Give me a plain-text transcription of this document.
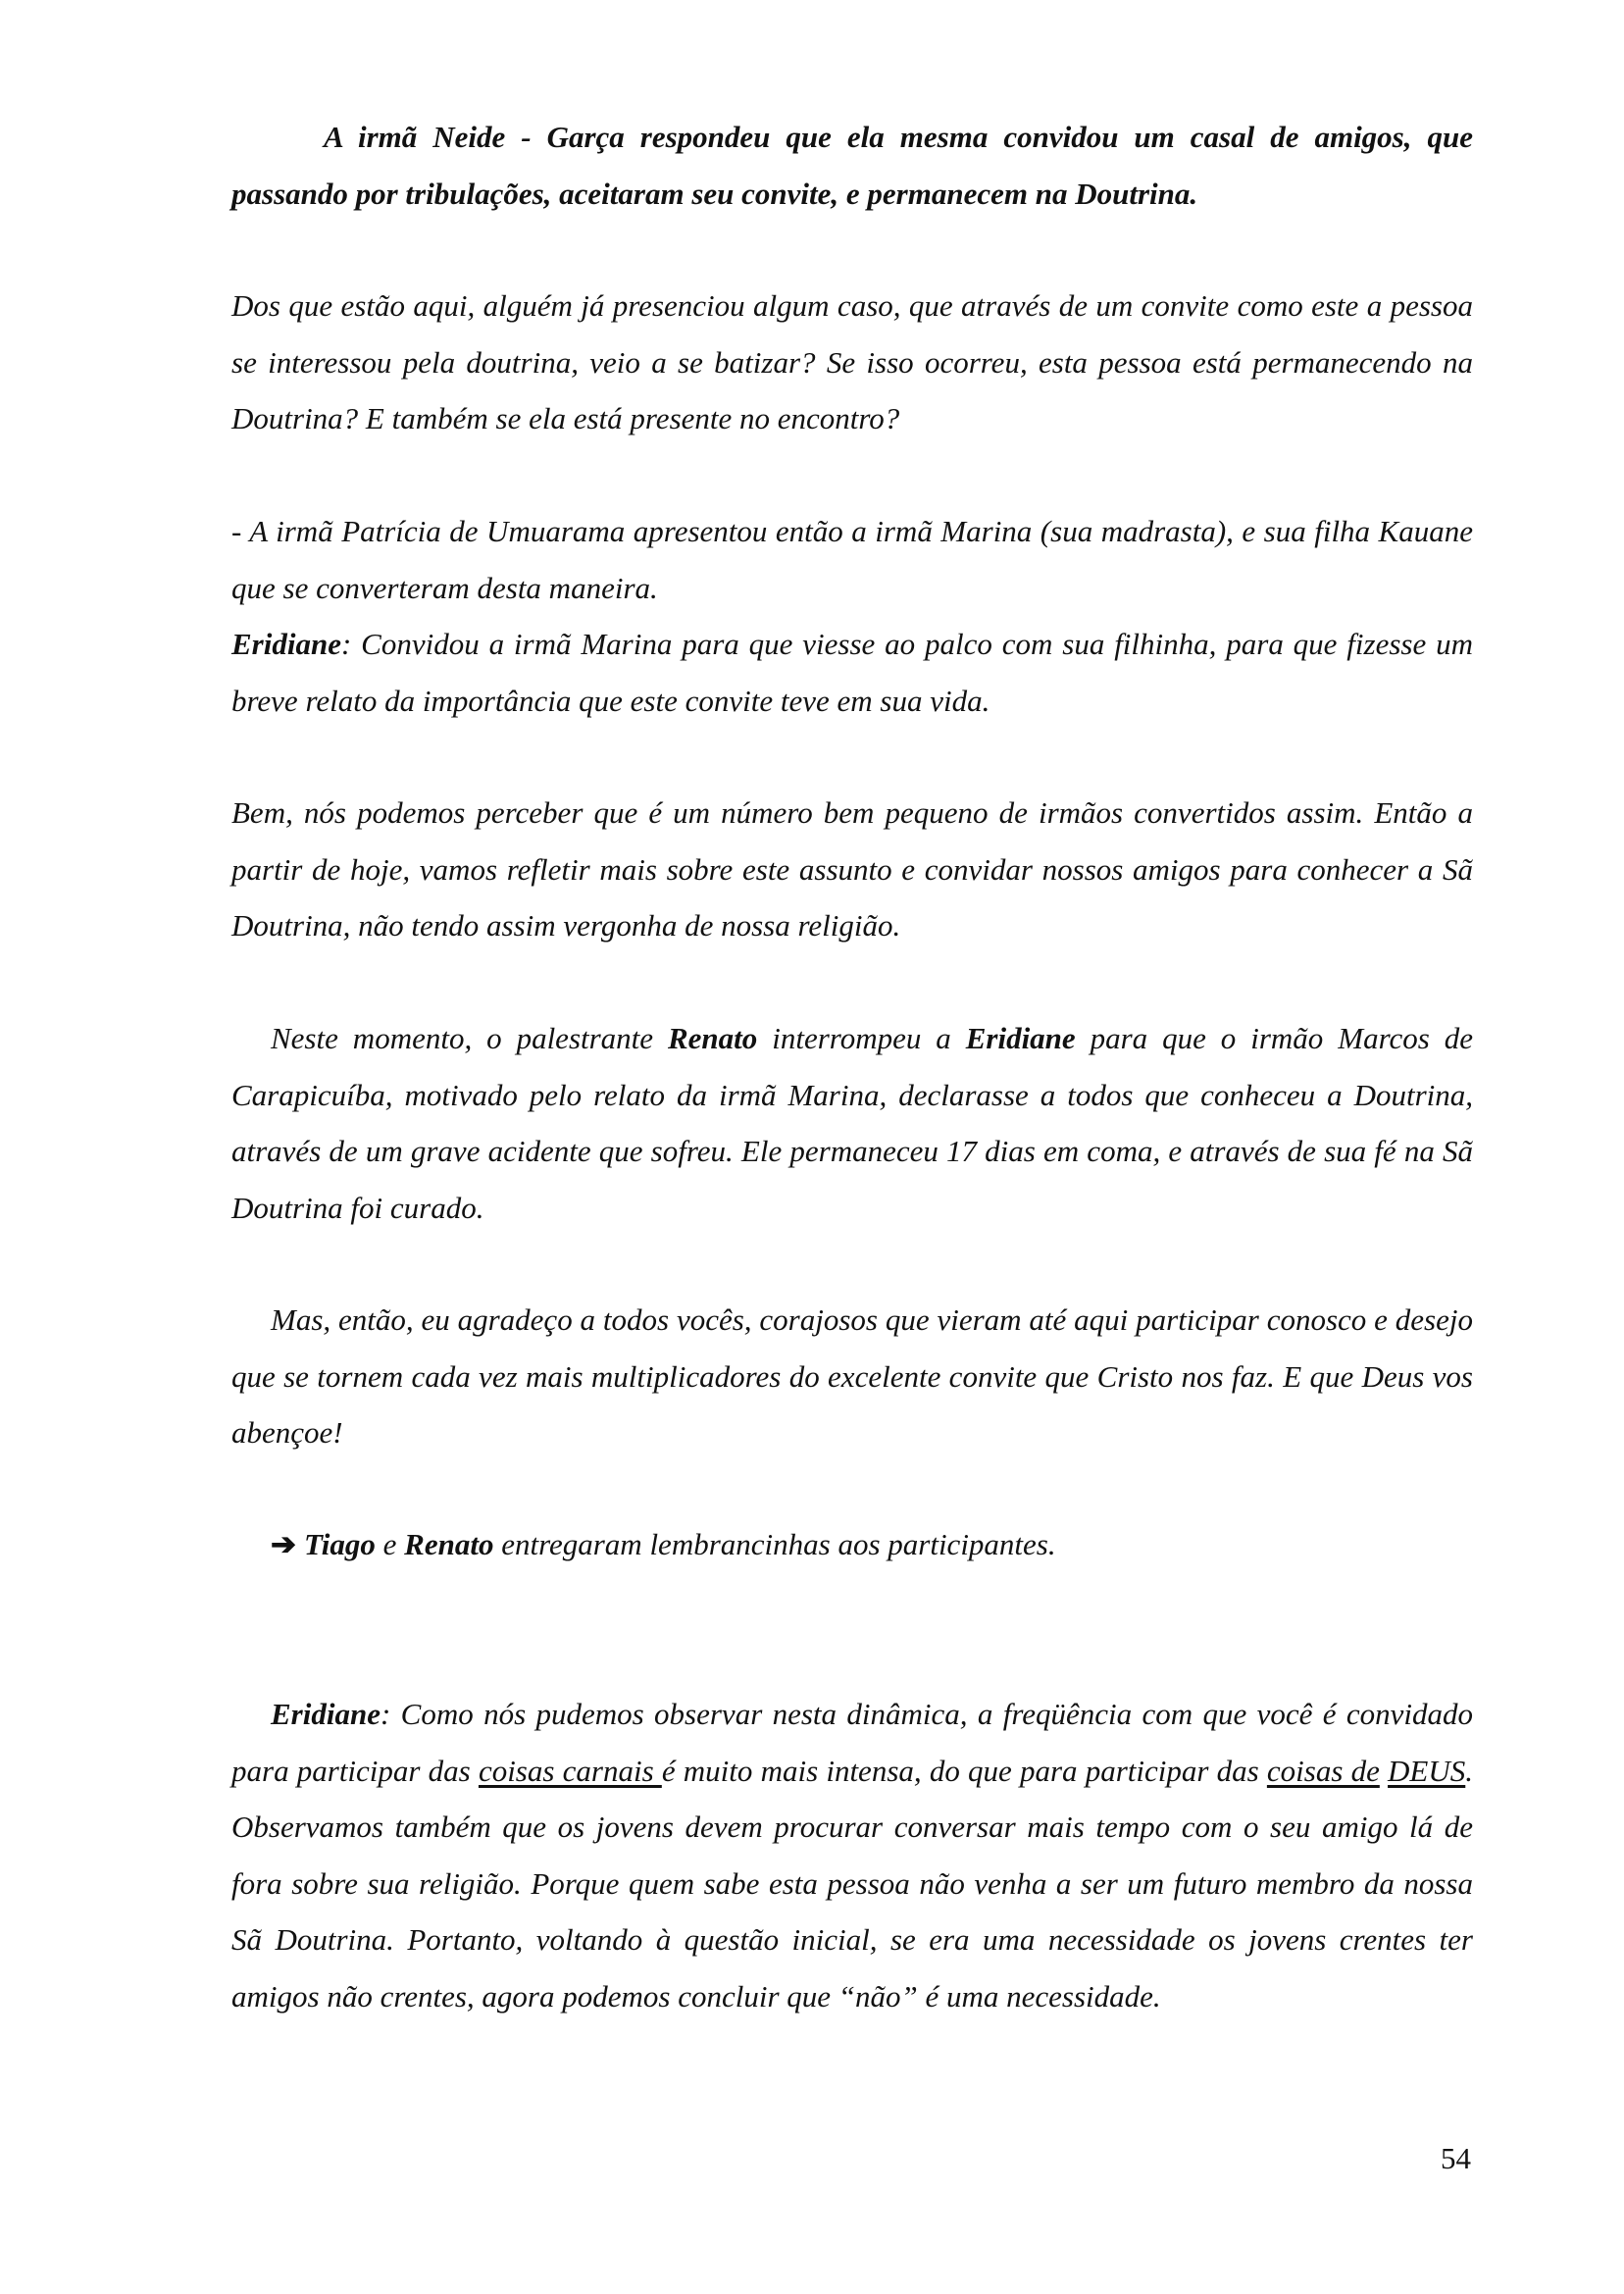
A irmã Neide - Garça respondeu que ela mesma convidou um casal de amigos, que passando por tribulações, aceitaram seu convite, e permanecem na Doutrina.

Dos que estão aqui, alguém já presenciou algum caso, que através de um convite como este a pessoa se interessou pela doutrina, veio a se batizar? Se isso ocorreu, esta pessoa está permanecendo na Doutrina? E também se ela está presente no encontro?

- A irmã Patrícia de Umuarama apresentou então a irmã Marina (sua madrasta), e sua filha Kauane que se converteram desta maneira.
Eridiane: Convidou a irmã Marina para que viesse ao palco com sua filhinha, para que fizesse um breve relato da importância que este convite teve em sua vida.

Bem, nós podemos perceber que é um número bem pequeno de irmãos convertidos assim. Então a partir de hoje, vamos refletir mais sobre este assunto e convidar nossos amigos para conhecer a Sã Doutrina, não tendo assim vergonha de nossa religião.

Neste momento, o palestrante Renato interrompeu a Eridiane para que o irmão Marcos de Carapicuíba, motivado pelo relato da irmã Marina, declarasse a todos que conheceu a Doutrina, através de um grave acidente que sofreu. Ele permaneceu 17 dias em coma, e através de sua fé na Sã Doutrina foi curado.

Mas, então, eu agradeço a todos vocês, corajosos que vieram até aqui participar conosco e desejo que se tornem cada vez mais multiplicadores do excelente convite que Cristo nos faz. E que Deus vos abençoe!

➔ Tiago e Renato entregaram lembrancinhas aos participantes.

Eridiane: Como nós pudemos observar nesta dinâmica, a freqüência com que você é convidado para participar das coisas carnais é muito mais intensa, do que para participar das coisas de DEUS. Observamos também que os jovens devem procurar conversar mais tempo com o seu amigo lá de fora sobre sua religião. Porque quem sabe esta pessoa não venha a ser um futuro membro da nossa Sã Doutrina. Portanto, voltando à questão inicial, se era uma necessidade os jovens crentes ter amigos não crentes, agora podemos concluir que “não” é uma necessidade.

54
